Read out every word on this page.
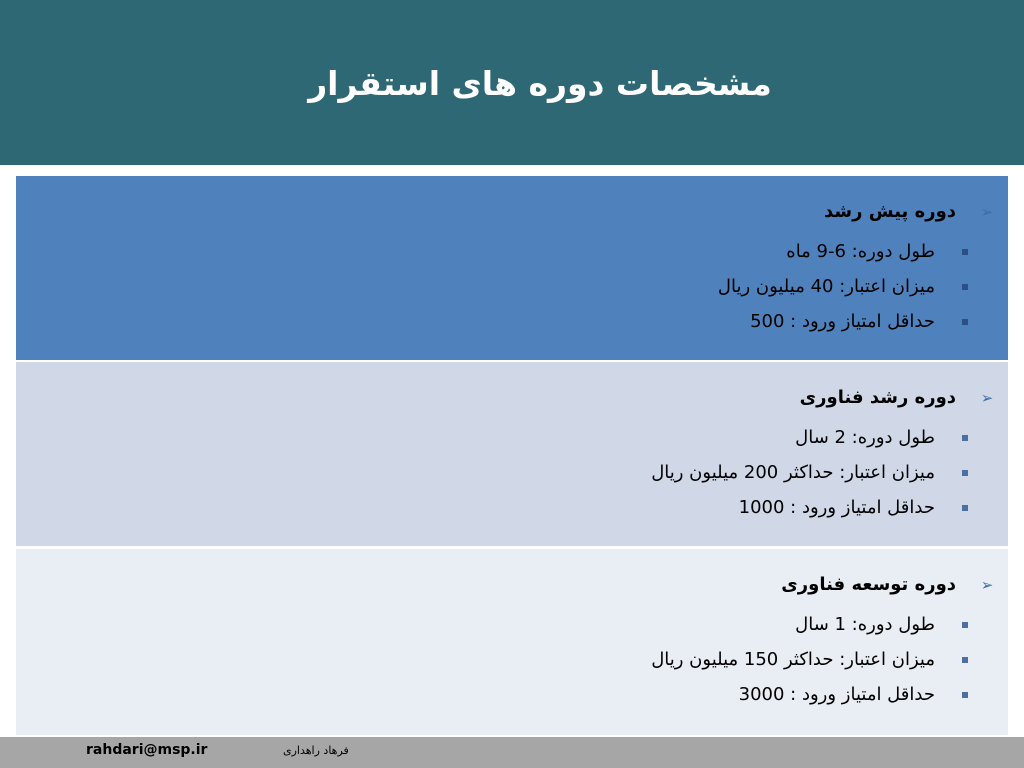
مشخصات دوره های استقرار
➢
دوره پیش رشد
طول دوره: 6-9 ماه
میزان اعتبار: 40 میلیون ریال
حداقل امتیاز ورود : 500
➢
دوره رشد فناوری
طول دوره: 2 سال
میزان اعتبار: حداکثر 200 میلیون ریال
حداقل امتیاز ورود : 1000
➢
دوره توسعه فناوری
طول دوره: 1 سال
میزان اعتبار: حداکثر 150 میلیون ریال
حداقل امتیاز ورود : 3000
rahdari@msp.ir	فرهاد راهداری
